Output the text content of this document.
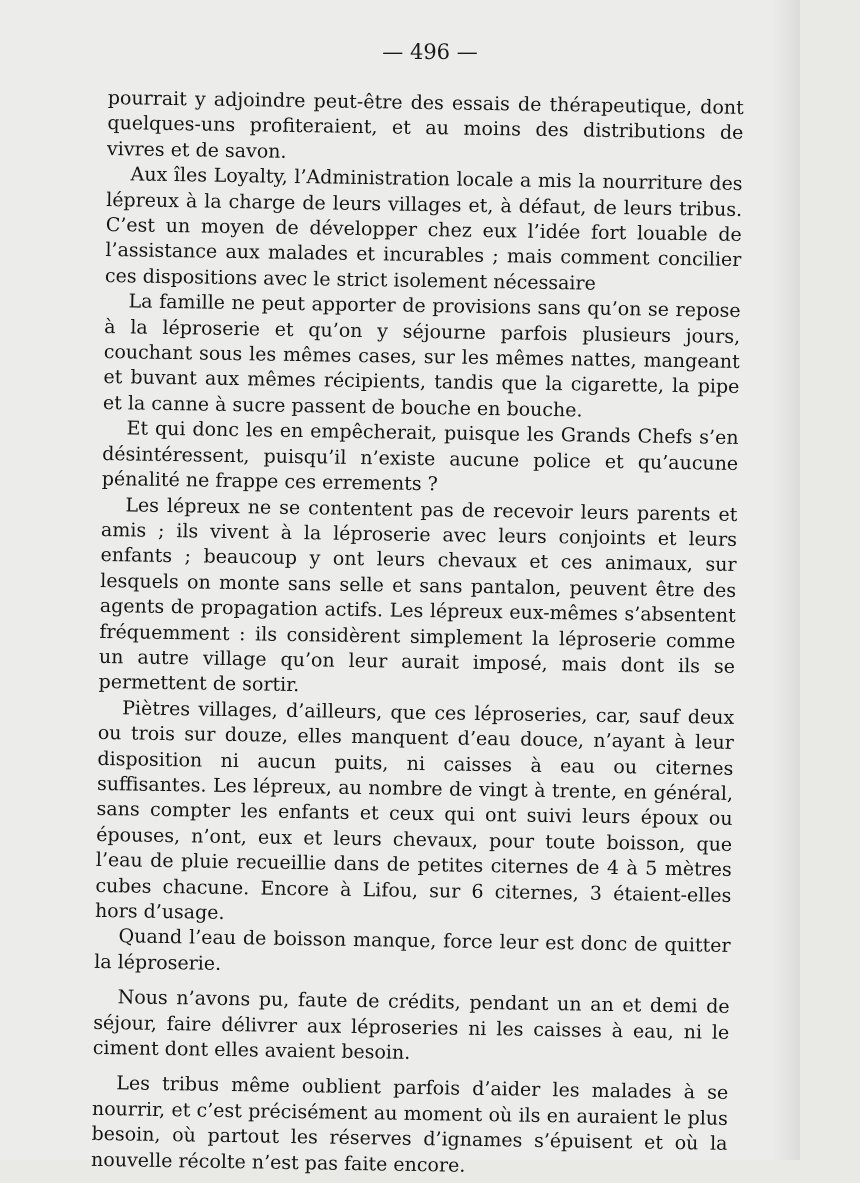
— 496 —

pourrait y adjoindre peut-être des essais de thérapeutique, dont quelques-uns profiteraient, et au moins des distributions de vivres et de savon.

Aux îles Loyalty, l’Administration locale a mis la nourriture des lépreux à la charge de leurs villages et, à défaut, de leurs tribus. C’est un moyen de développer chez eux l’idée fort louable de l’assistance aux malades et incurables ; mais comment concilier ces dispositions avec le strict isolement nécessaire

La famille ne peut apporter de provisions sans qu’on se repose à la léproserie et qu’on y séjourne parfois plusieurs jours, couchant sous les mêmes cases, sur les mêmes nattes, mangeant et buvant aux mêmes récipients, tandis que la cigarette, la pipe et la canne à sucre passent de bouche en bouche.

Et qui donc les en empêcherait, puisque les Grands Chefs s’en désintéressent, puisqu’il n’existe aucune police et qu’aucune pénalité ne frappe ces errements ?

Les lépreux ne se contentent pas de recevoir leurs parents et amis ; ils vivent à la léproserie avec leurs conjoints et leurs enfants ; beaucoup y ont leurs chevaux et ces animaux, sur lesquels on monte sans selle et sans pantalon, peuvent être des agents de propagation actifs. Les lépreux eux-mêmes s’absentent fréquemment : ils considèrent simplement la léproserie comme un autre village qu’on leur aurait imposé, mais dont ils se permettent de sortir.

Piètres villages, d’ailleurs, que ces léproseries, car, sauf deux ou trois sur douze, elles manquent d’eau douce, n’ayant à leur disposition ni aucun puits, ni caisses à eau ou citernes suffisantes. Les lépreux, au nombre de vingt à trente, en général, sans compter les enfants et ceux qui ont suivi leurs époux ou épouses, n’ont, eux et leurs chevaux, pour toute boisson, que l’eau de pluie recueillie dans de petites citernes de 4 à 5 mètres cubes chacune. Encore à Lifou, sur 6 citernes, 3 étaient-elles hors d’usage.

Quand l’eau de boisson manque, force leur est donc de quitter la léproserie.

Nous n’avons pu, faute de crédits, pendant un an et demi de séjour, faire délivrer aux léproseries ni les caisses à eau, ni le ciment dont elles avaient besoin.

Les tribus même oublient parfois d’aider les malades à se nourrir, et c’est précisément au moment où ils en auraient le plus besoin, où partout les réserves d’ignames s’épuisent et où la nouvelle récolte n’est pas faite encore.
